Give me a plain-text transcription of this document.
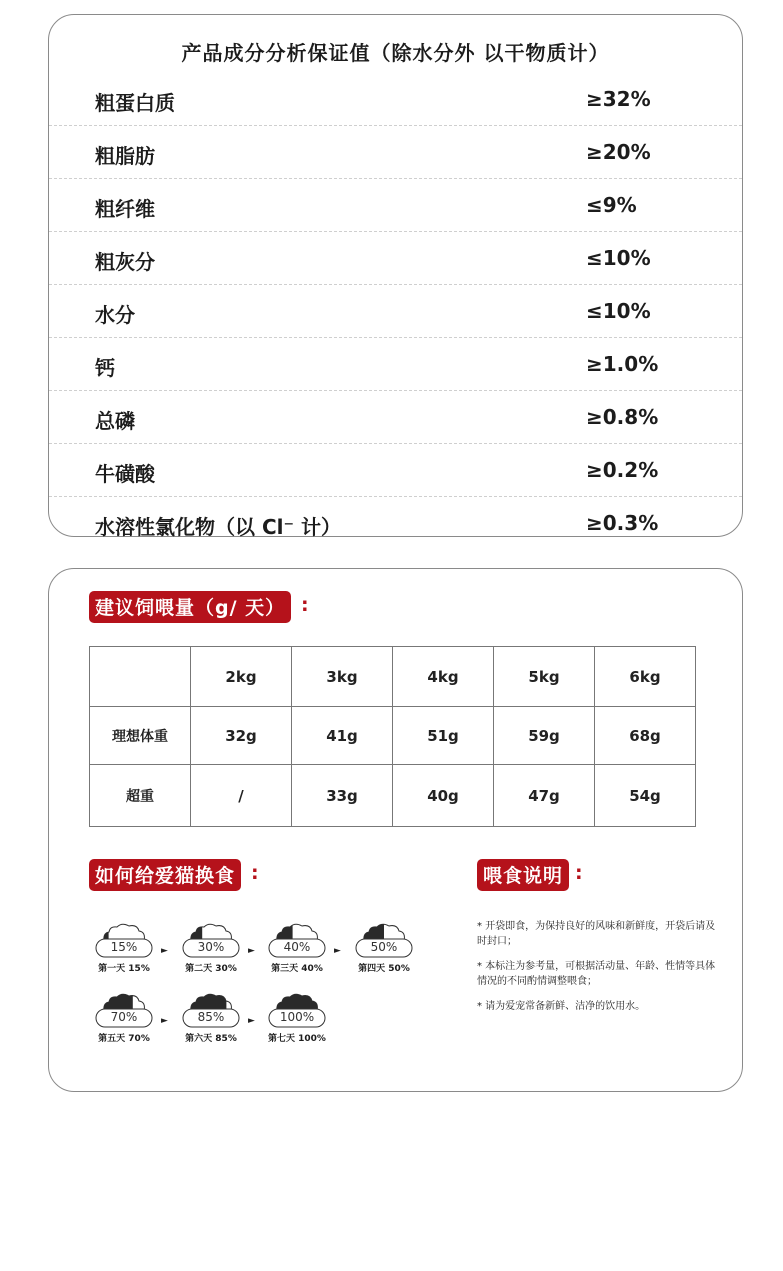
产品成分分析保证值（除水分外 以干物质计）
粗蛋白质	≥32%
粗脂肪	≥20%
粗纤维	≤9%
粗灰分	≤10%
水分	≤10%
钙	≥1.0%
总磷	≥0.8%
牛磺酸	≥0.2%
水溶性氯化物（以 Cl⁻ 计）	≥0.3%
建议饲喂量（g/ 天） :
	2kg	3kg	4kg	5kg	6kg
理想体重	32g	41g	51g	59g	68g
超重	/	33g	40g	47g	54g
如何给爱猫换食 :	喂食说明 :
15%
第一天 15%
►	30%
第二天 30%
►	40%
第三天 40%
►	50%
第四天 50%
70%
第五天 70%
►	85%
第六天 85%
►	100%
第七天 100%

* 开袋即食，为保持良好的风味和新鲜度，开袋后请及时封口；

* 本标注为参考量，可根据活动量、年龄、性情等具体情况的不同酌情调整喂食；

* 请为爱宠常备新鲜、洁净的饮用水。
